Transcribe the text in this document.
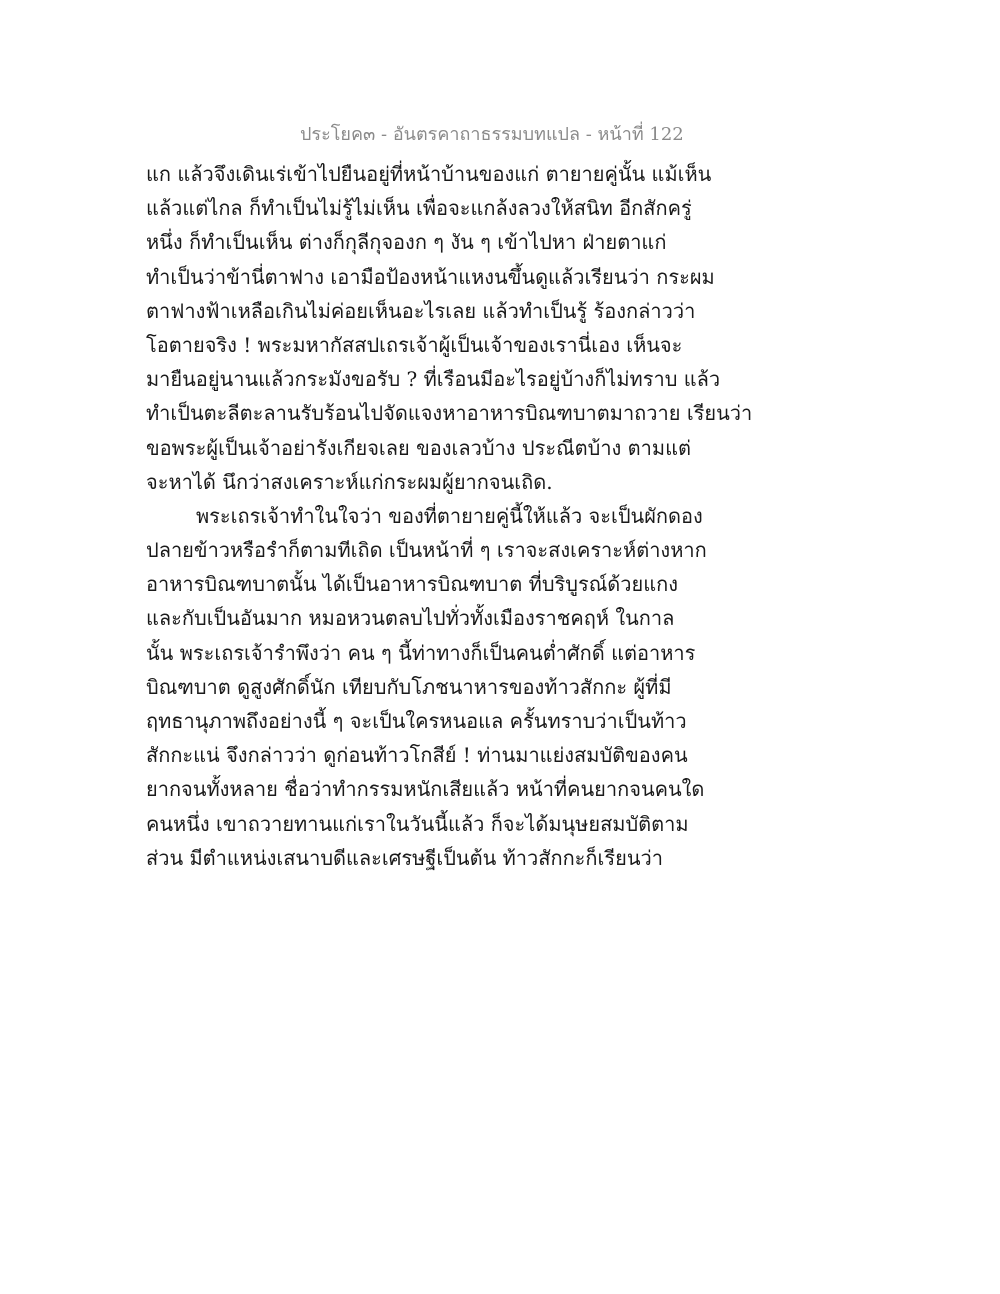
ประโยค๓ - อันตรคาถาธรรมบทแปล - หน้าที่ 122
แก แล้วจึงเดินเร่เข้าไปยืนอยู่ที่หน้าบ้านของแก่ ตายายคู่นั้น แม้เห็น
แล้วแต่ไกล ก็ทำเป็นไม่รู้ไม่เห็น เพื่อจะแกล้งลวงให้สนิท อีกสักครู่
หนึ่ง ก็ทำเป็นเห็น ต่างก็กุลีกุจองก ๆ งัน ๆ เข้าไปหา ฝ่ายตาแก่
ทำเป็นว่าข้านี่ตาฟาง เอามือป้องหน้าแหงนขึ้นดูแล้วเรียนว่า กระผม
ตาฟางฟ้าเหลือเกินไม่ค่อยเห็นอะไรเลย แล้วทำเป็นรู้ ร้องกล่าวว่า
โอตายจริง ! พระมหากัสสปเถรเจ้าผู้เป็นเจ้าของเรานี่เอง เห็นจะ
มายืนอยู่นานแล้วกระมังขอรับ ? ที่เรือนมีอะไรอยู่บ้างก็ไม่ทราบ แล้ว
ทำเป็นตะลีตะลานรับร้อนไปจัดแจงหาอาหารบิณฑบาตมาถวาย เรียนว่า
ขอพระผู้เป็นเจ้าอย่ารังเกียจเลย ของเลวบ้าง ประณีตบ้าง ตามแต่
จะหาได้ นึกว่าสงเคราะห์แก่กระผมผู้ยากจนเถิด.
พระเถรเจ้าทำในใจว่า ของที่ตายายคู่นี้ให้แล้ว จะเป็นผักดอง
ปลายข้าวหรือรำก็ตามทีเถิด เป็นหน้าที่ ๆ เราจะสงเคราะห์ต่างหาก
อาหารบิณฑบาตนั้น ได้เป็นอาหารบิณฑบาต ที่บริบูรณ์ด้วยแกง
และกับเป็นอันมาก หมอหวนตลบไปทั่วทั้งเมืองราชคฤห์ ในกาล
นั้น พระเถรเจ้ารำพึงว่า คน ๆ นี้ท่าทางก็เป็นคนต่ำศักดิ์ แต่อาหาร
บิณฑบาต ดูสูงศักดิ์นัก เทียบกับโภชนาหารของท้าวสักกะ ผู้ที่มี
ฤทธานุภาพถึงอย่างนี้ ๆ จะเป็นใครหนอแล ครั้นทราบว่าเป็นท้าว
สักกะแน่ จึงกล่าวว่า ดูก่อนท้าวโกสีย์ ! ท่านมาแย่งสมบัติของคน
ยากจนทั้งหลาย ชื่อว่าทำกรรมหนักเสียแล้ว หน้าที่คนยากจนคนใด
คนหนึ่ง เขาถวายทานแก่เราในวันนี้แล้ว ก็จะได้มนุษยสมบัติตาม
ส่วน มีตำแหน่งเสนาบดีและเศรษฐีเป็นต้น ท้าวสักกะก็เรียนว่า
